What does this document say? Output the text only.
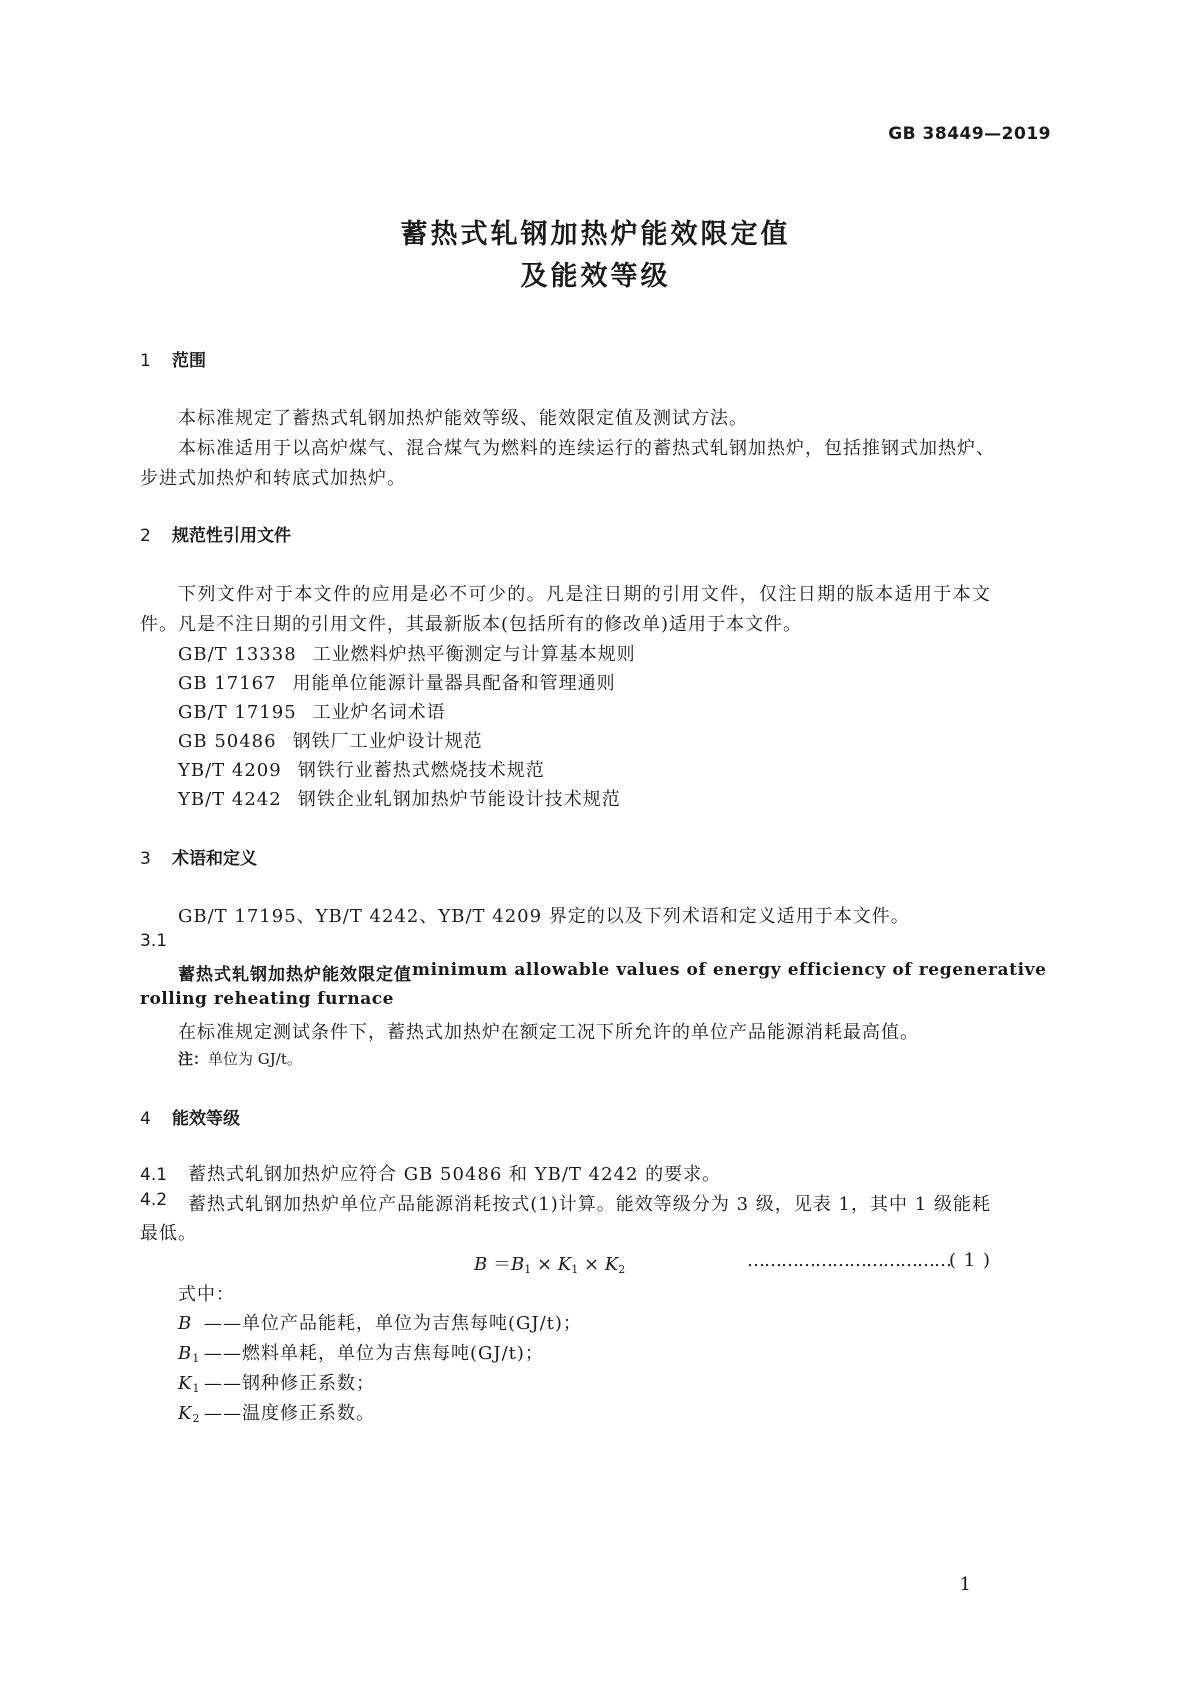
GB 38449—2019
蓄热式轧钢加热炉能效限定值
及能效等级
1 范围
本标准规定了蓄热式轧钢加热炉能效等级、能效限定值及测试方法。
本标准适用于以高炉煤气、混合煤气为燃料的连续运行的蓄热式轧钢加热炉，包括推钢式加热炉、
步进式加热炉和转底式加热炉。
2 规范性引用文件
下列文件对于本文件的应用是必不可少的。凡是注日期的引用文件，仅注日期的版本适用于本文
件。凡是不注日期的引用文件，其最新版本(包括所有的修改单)适用于本文件。
GB/T 13338 工业燃料炉热平衡测定与计算基本规则
GB 17167 用能单位能源计量器具配备和管理通则
GB/T 17195 工业炉名词术语
GB 50486 钢铁厂工业炉设计规范
YB/T 4209 钢铁行业蓄热式燃烧技术规范
YB/T 4242 钢铁企业轧钢加热炉节能设计技术规范
3 术语和定义
GB/T 17195、YB/T 4242、YB/T 4209 界定的以及下列术语和定义适用于本文件。
3.1
蓄热式轧钢加热炉能效限定值 minimum allowable values of energy efficiency of regenerative
rolling reheating furnace
在标准规定测试条件下，蓄热式加热炉在额定工况下所允许的单位产品能源消耗最高值。
注：单位为 GJ/t。
4 能效等级
4.1 蓄热式轧钢加热炉应符合 GB 50486 和 YB/T 4242 的要求。
4.2	蓄热式轧钢加热炉单位产品能源消耗按式(1)计算。能效等级分为 3 级，见表 1，其中 1 级能耗
最低。
$B =B_1 \times K_1 \times K_2$	………………………………
( 1 )
式中：
B ——单位产品能耗，单位为吉焦每吨(GJ/t)；
$B_1$ ——燃料单耗，单位为吉焦每吨(GJ/t)；
$K_1$ ——钢种修正系数；
$K_2$ ——温度修正系数。
1
